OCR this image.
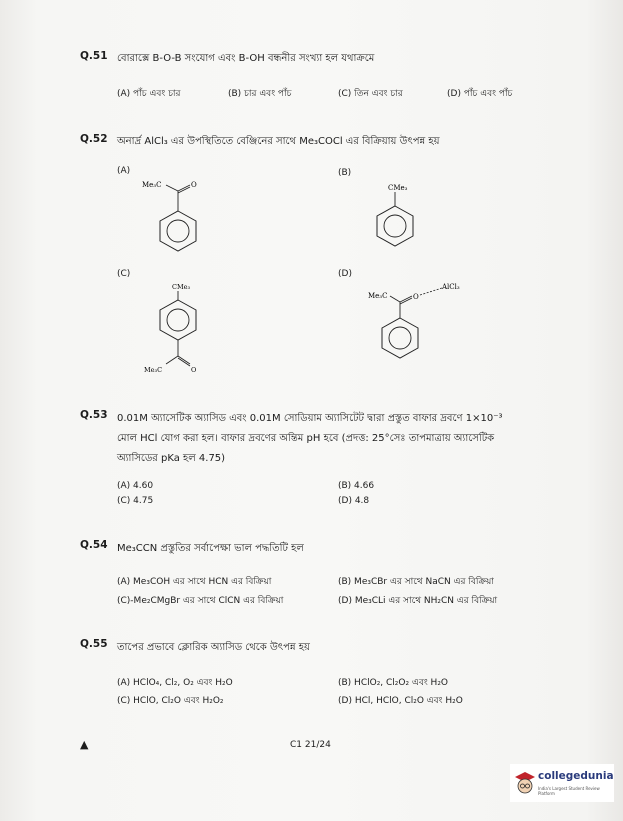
Q.51 বোরাক্সে B-O-B সংযোগ এবং B-OH বন্ধনীর সংখ্যা হল যথাক্রমে
(A) পাঁচ এবং চার	(B) চার এবং পাঁচ	(C) তিন এবং চার	(D) পাঁচ এবং পাঁচ
Q.52 অনার্দ্র AlCl₃ এর উপস্থিতিতে বেঞ্জিনের সাথে Me₃COCl এর বিক্রিয়ায় উৎপন্ন হয়
(A)	(B)
(C)	(D)
Me₃C	O	CMe₃
CMe₃
Me₃C	O
Me₃C	O
AlCl₃
Q.53 0.01M অ্যাসেটিক অ্যাসিড এবং 0.01M সোডিয়াম অ্যাসিটেট দ্বারা প্রস্তুত বাফার দ্রবণে 1×10⁻³
মোল HCl যোগ করা হল। বাফার দ্রবণের অন্তিম pH হবে (প্রদত্ত: 25°সেঃ তাপমাত্রায় অ্যাসেটিক
অ্যাসিডের pKa হল 4.75)
(A) 4.60	(B) 4.66
(C) 4.75	(D) 4.8
Q.54 Me₃CCN প্রস্তুতির সর্বাপেক্ষা ভাল পদ্ধতিটি হল
(A) Me₃COH এর সাথে HCN এর বিক্রিয়া	(B) Me₃CBr এর সাথে NaCN এর বিক্রিয়া
(C)-Me₂CMgBr এর সাথে ClCN এর বিক্রিয়া	(D) Me₃CLi এর সাথে NH₂CN এর বিক্রিয়া
Q.55 তাপের প্রভাবে ক্লোরিক অ্যাসিড থেকে উৎপন্ন হয়
(A) HClO₄, Cl₂, O₂ এবং H₂O	(B) HClO₂, Cl₂O₂ এবং H₂O
(C) HClO, Cl₂O এবং H₂O₂	(D) HCl, HClO, Cl₂O এবং H₂O
▲	C1 21/24
collegedunia
India's Largest Student Review Platform
